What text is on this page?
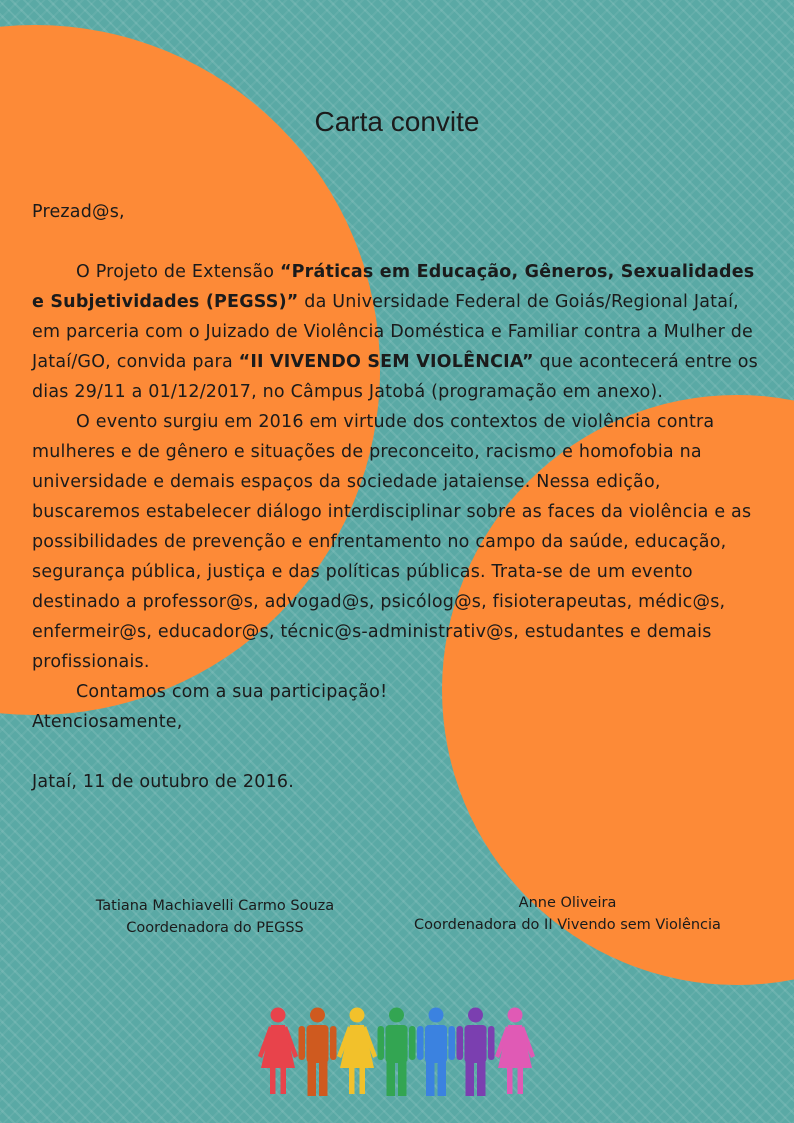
Carta convite

Prezad@s,

O Projeto de Extensão “Práticas em Educação, Gêneros, Sexualidades e Subjetividades (PEGSS)” da Universidade Federal de Goiás/Regional Jataí, em parceria com o Juizado de Violência Doméstica e Familiar contra a Mulher de Jataí/GO, convida para “II VIVENDO SEM VIOLÊNCIA” que acontecerá entre os dias 29/11 a 01/12/2017, no Câmpus Jatobá (programação em anexo).

O evento surgiu em 2016 em virtude dos contextos de violência contra mulheres e de gênero e situações de preconceito, racismo e homofobia na universidade e demais espaços da sociedade jataiense. Nessa edição, buscaremos estabelecer diálogo interdisciplinar sobre as faces da violência e as possibilidades de prevenção e enfrentamento no campo da saúde, educação, segurança pública, justiça e das políticas públicas. Trata-se de um evento destinado a professor@s, advogad@s, psicólog@s, fisioterapeutas, médic@s, enfermeir@s, educador@s, técnic@s-administrativ@s, estudantes e demais profissionais.

Contamos com a sua participação!

Atenciosamente,

Jataí, 11 de outubro de 2016.

Tatiana Machiavelli Carmo Souza
Coordenadora do PEGSS
Anne Oliveira
Coordenadora do II Vivendo sem Violência
